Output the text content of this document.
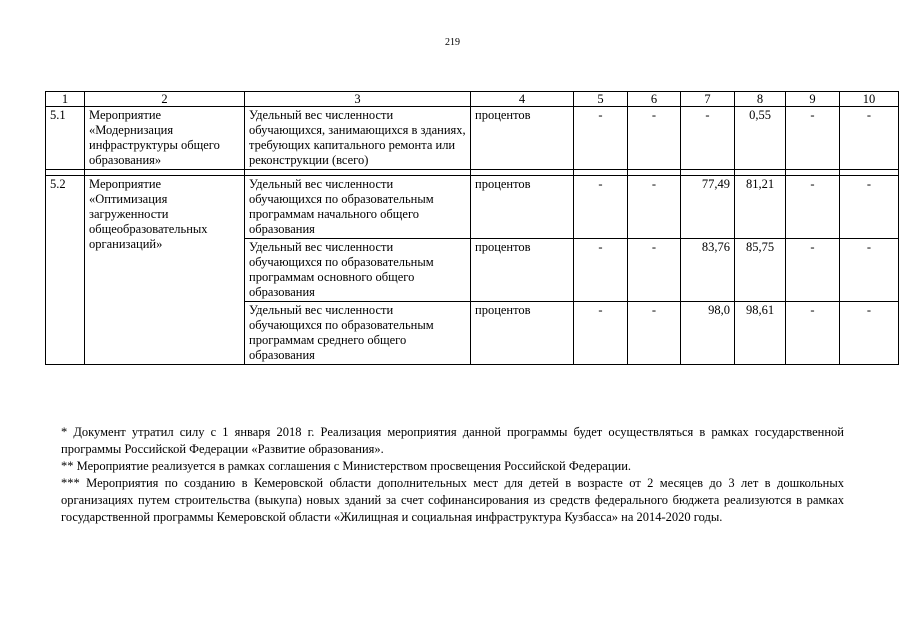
219
1	2	3	4	5	6	7	8	9	10
5.1	Мероприятие «Модернизация инфраструктуры общего образования»	Удельный вес численности обучающихся, занимающихся в зданиях, требующих капитального ремонта или реконструкции (всего)	процентов	-	-	-	0,55	-	-

5.2	Мероприятие «Оптимизация загруженности общеобразовательных организаций»	Удельный вес численности обучающихся по образовательным программам начального общего образования	процентов	-	-	77,49	81,21	-	-
		Удельный вес численности обучающихся по образовательным программам основного общего образования	процентов	-	-	83,76	85,75	-	-
		Удельный вес численности обучающихся по образовательным программам среднего общего образования	процентов	-	-	98,0	98,61	-	-

* Документ утратил силу с 1 января 2018 г. Реализация мероприятия данной программы будет осуществляться в рамках государственной программы Российской Федерации «Развитие образования».

** Мероприятие реализуется в рамках соглашения с Министерством просвещения Российской Федерации.

*** Мероприятия по созданию в Кемеровской области дополнительных мест для детей в возрасте от 2 месяцев до 3 лет в дошкольных организациях путем строительства (выкупа) новых зданий за счет софинансирования из средств федерального бюджета реализуются в рамках государственной программы Кемеровской области «Жилищная и социальная инфраструктура Кузбасса» на 2014-2020 годы.
